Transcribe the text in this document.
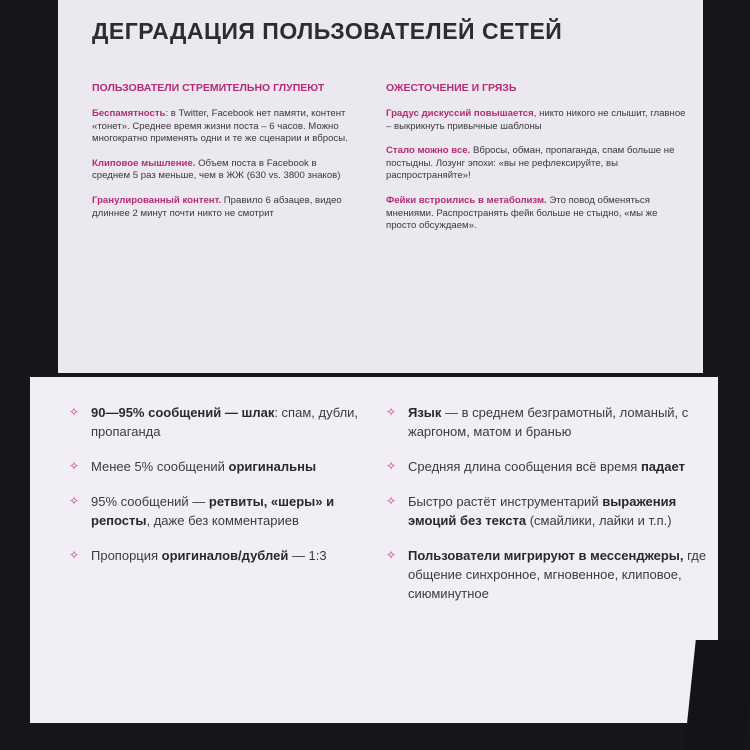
ДЕГРАДАЦИЯ ПОЛЬЗОВАТЕЛЕЙ СЕТЕЙ
ПОЛЬЗОВАТЕЛИ СТРЕМИТЕЛЬНО ГЛУПЕЮТ
Беспамятность: в Twitter, Facebook нет памяти, контент «тонет». Среднее время жизни поста – 6 часов. Можно многократно применять одни и те же сценарии и вбросы.
Клиповое мышление. Объем поста в Facebook в среднем 5 раз меньше, чем в ЖЖ (630 vs. 3800 знаков)
Гранулированный контент. Правило 6 абзацев, видео длиннее 2 минут почти никто не смотрит
ОЖЕСТОЧЕНИЕ И ГРЯЗЬ
Градус дискуссий повышается, никто никого не слышит, главное – выкрикнуть привычные шаблоны
Стало можно все. Вбросы, обман, пропаганда, спам больше не постыдны. Лозунг эпохи: «вы не рефлексируйте, вы распространяйте»!
Фейки встроились в метаболизм. Это повод обменяться мнениями. Распространять фейк больше не стыдно, «мы же просто обсуждаем».
✧ 90—95% сообщений — шлак: спам, дубли, пропаганда
✧ Менее 5% сообщений оригинальны
✧ 95% сообщений — ретвиты, «шеры» и репосты, даже без комментариев
✧ Пропорция оригиналов/дублей — 1:3
✧ Язык — в среднем безграмотный, ломаный, с жаргоном, матом и бранью
✧ Средняя длина сообщения всё время падает
✧ Быстро растёт инструментарий выражения эмоций без текста (смайлики, лайки и т.п.)
✧ Пользователи мигрируют в мессенджеры, где общение синхронное, мгновенное, клиповое, сиюминутное
